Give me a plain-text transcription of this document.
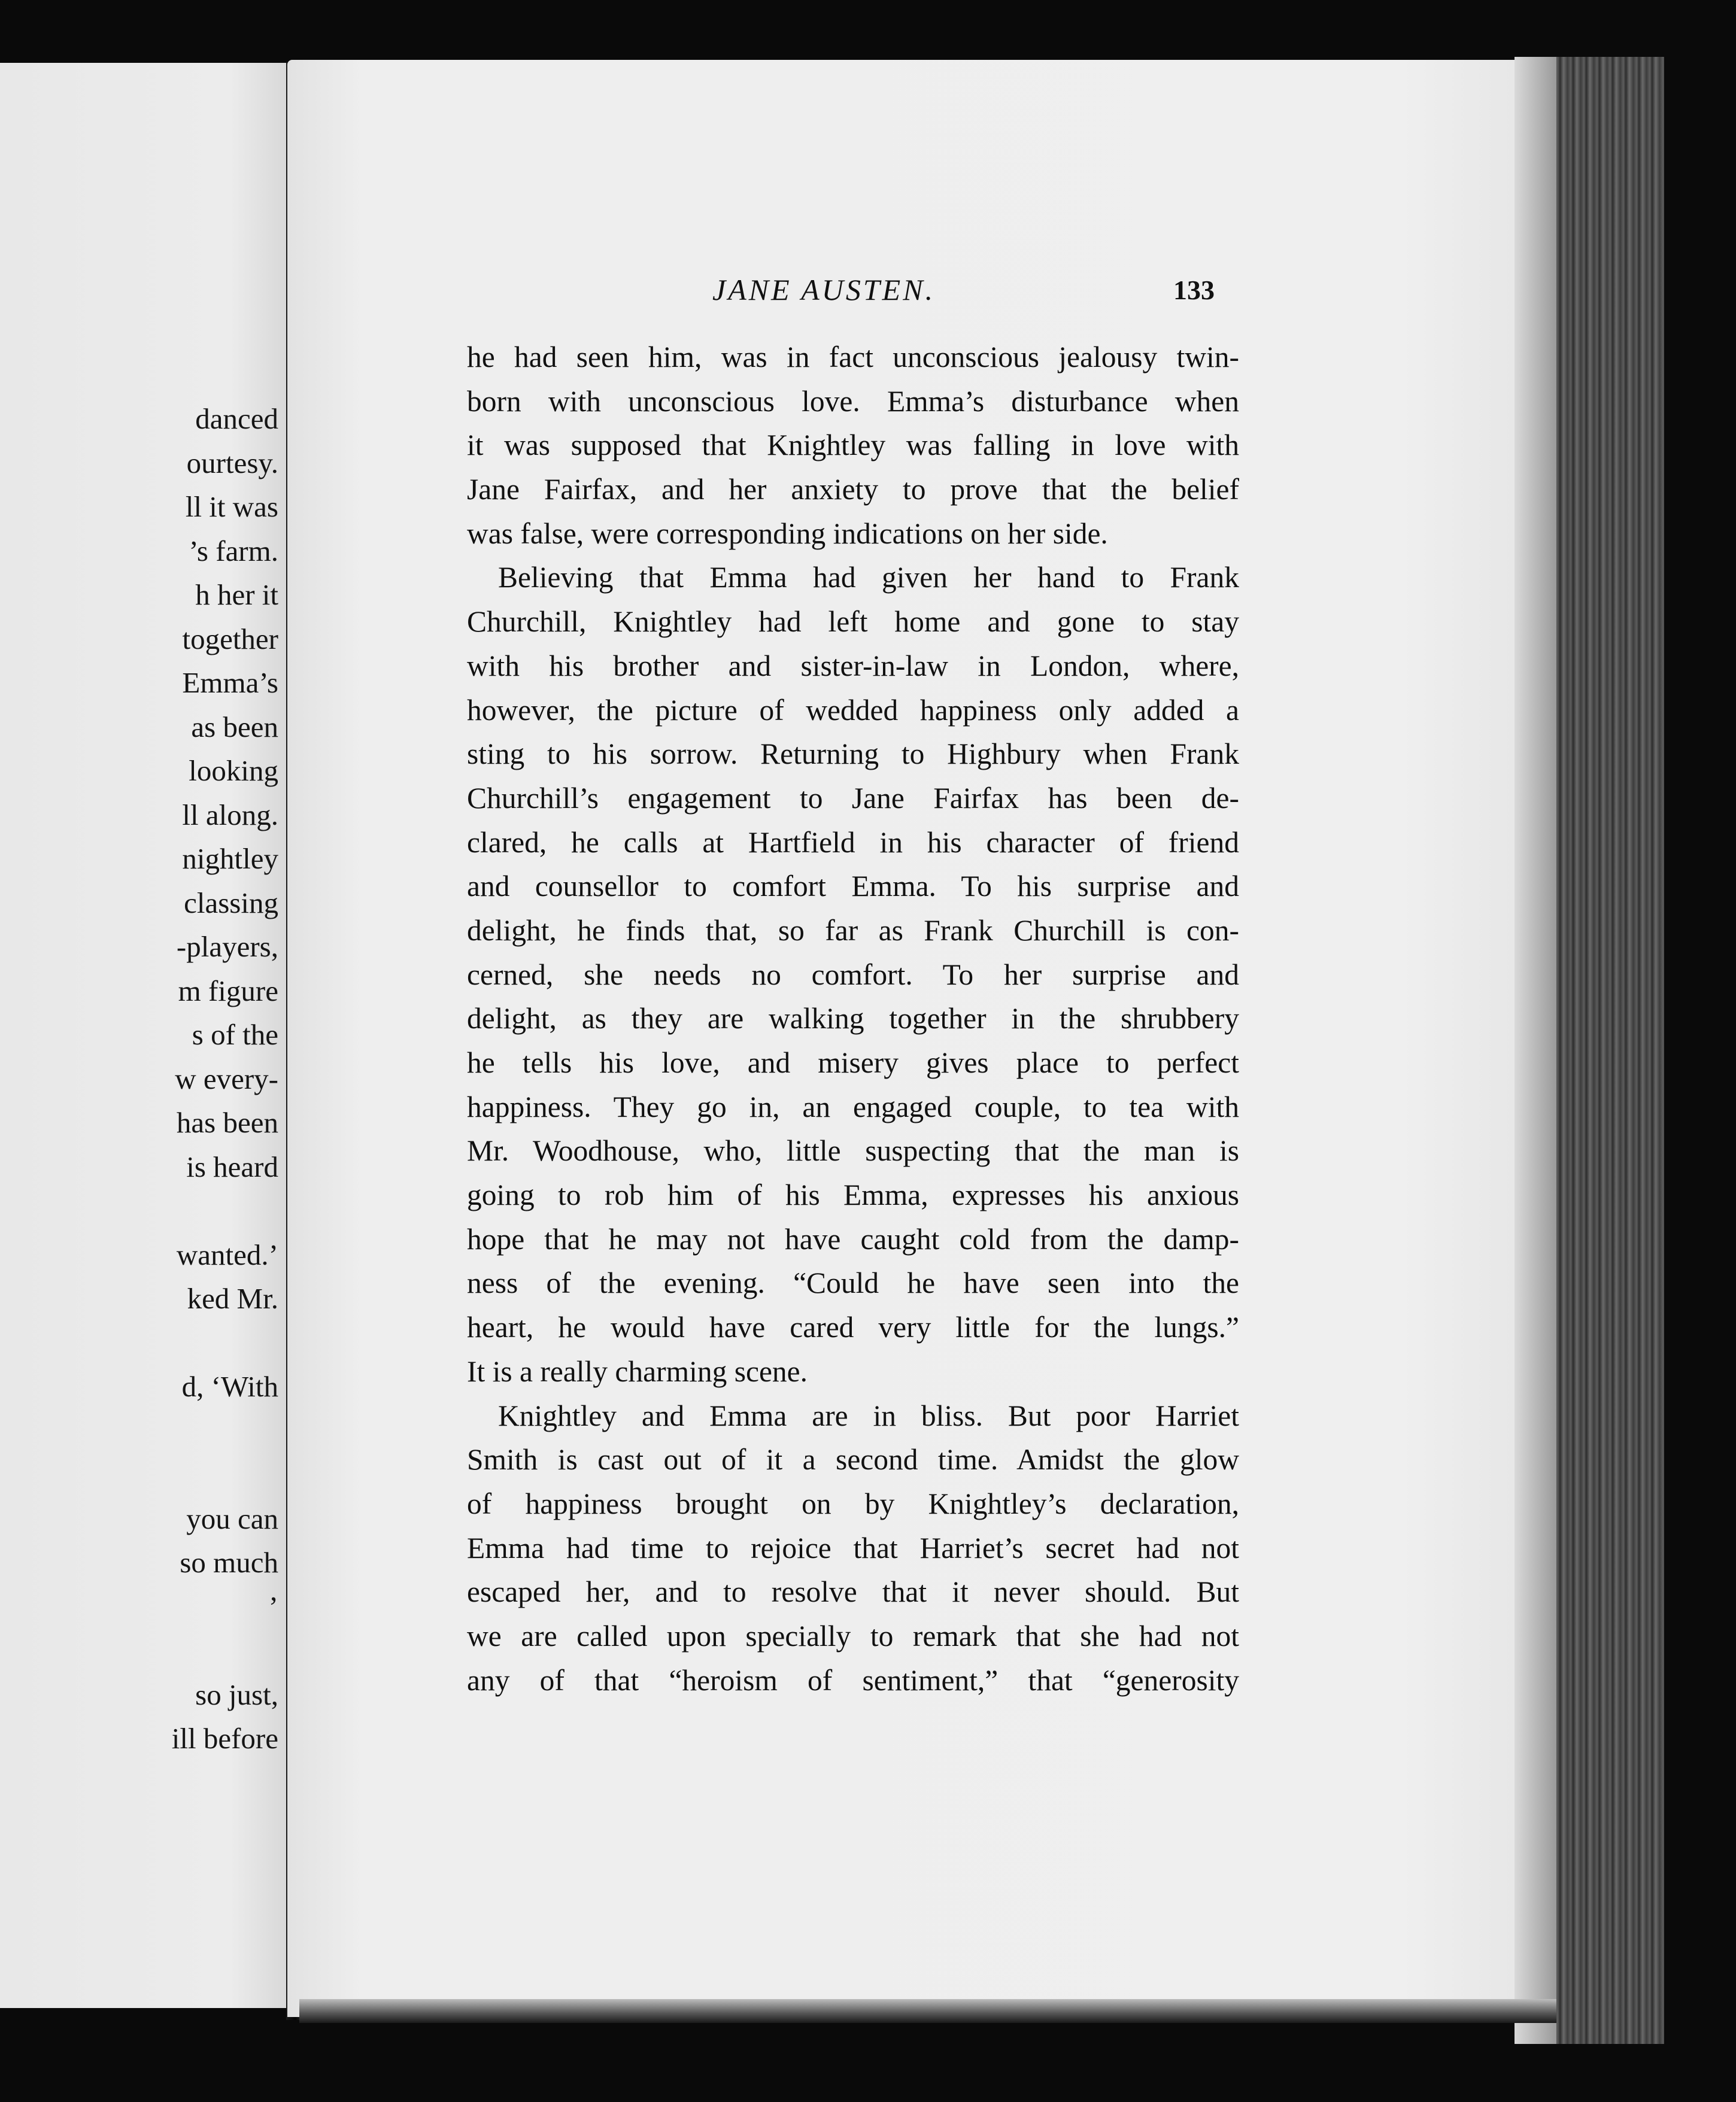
danced
ourtesy.
ll it was
’s farm.
h her it
together
Emma’s
as been
looking
ll along.
nightley
classing
-players,
m figure
s of the
w every-
has been
is heard
wanted.’
ked Mr.
d, ‘With
you can
so much
’
so just,
ill before
JANE AUSTEN.	133
he had seen him, was in fact unconscious jealousy twin-
born with unconscious love. Emma’s disturbance when
it was supposed that Knightley was falling in love with
Jane Fairfax, and her anxiety to prove that the belief
was false, were corresponding indications on her side.
Believing that Emma had given her hand to Frank
Churchill, Knightley had left home and gone to stay
with his brother and sister-in-law in London, where,
however, the picture of wedded happiness only added a
sting to his sorrow. Returning to Highbury when Frank
Churchill’s engagement to Jane Fairfax has been de-
clared, he calls at Hartfield in his character of friend
and counsellor to comfort Emma. To his surprise and
delight, he finds that, so far as Frank Churchill is con-
cerned, she needs no comfort. To her surprise and
delight, as they are walking together in the shrubbery
he tells his love, and misery gives place to perfect
happiness. They go in, an engaged couple, to tea with
Mr. Woodhouse, who, little suspecting that the man is
going to rob him of his Emma, expresses his anxious
hope that he may not have caught cold from the damp-
ness of the evening. “Could he have seen into the
heart, he would have cared very little for the lungs.”
It is a really charming scene.
Knightley and Emma are in bliss. But poor Harriet
Smith is cast out of it a second time. Amidst the glow
of happiness brought on by Knightley’s declaration,
Emma had time to rejoice that Harriet’s secret had not
escaped her, and to resolve that it never should. But
we are called upon specially to remark that she had not
any of that “heroism of sentiment,” that “generosity
